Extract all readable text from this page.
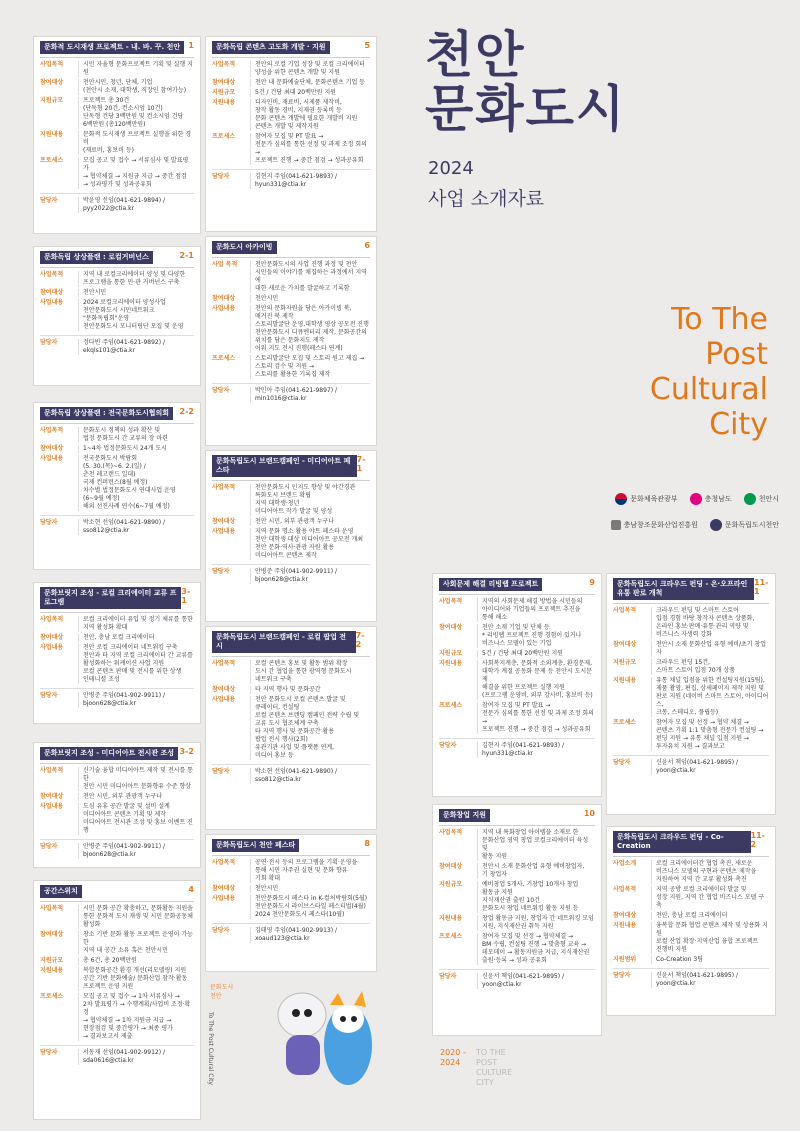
천안
문화도시
2024
사업 소개자료
To The
Post
Cultural
City
문화체육관광부	충청남도	천안시
충남창조문화산업진흥원	문화독립도시천안
문화도시
천안
To The Post Cultural City	2020 -
2024
TO THE
POST
CULTURE
CITY
문화적 도시재생 프로젝트 - 내. 바. 꾸. 천안	1
사업목적	시민 자율형 문화프로젝트 기획 및 실행 지원
참여대상	천안시민, 청년, 단체, 기업
(천안시 소재, 대학생, 직장인 참여가능)
지원규모	프로젝트 총 30건
(단독형 20건, 컨소시엄 10건)
단독형 건당 3백만원 및 컨소시엄 건당
6백만원 (총120백만원)
지원내용	문화적 도시재생 프로젝트 실행을 위한 경비
(재료비, 홍보비 등)
프로세스	모집 공고 및 접수 → 서류심사 및 발표평가
→ 협약체결 → 지원금 지급 → 중간 점검
→ 성과평가 및 성과공유회
담당자	박윤영 선임(041-621-9894) /
pyy2022@ctia.kr
문화독립 상상플랜 : 로컬거버넌스	2-1
사업목적	지역 내 로컬크리에이터 양성 및 다양한
프로그램을 통한 민·관 거버넌스 구축
참여대상	천안시민
사업내용	2024 로컬크리에이터 양성사업
천안문화도시 시민네트워크
"문화독립회"운영
천안문화도시 모니터링단 모집 및 운영
담당자	정다빈 주임(041-621-9892) /
ekqls101@ctia.kr
문화독립 상상플랜 : 전국문화도시협의회	2-2
사업목적	문화도시 정책의 성과 확산 및
법정 문화도시 간 교류의 장 마련
참여대상	1~4차 법정문화도시 24개 도시
사업내용	전국문화도시 박람회
(5. 30.(목)~6. 2.(일) /
춘천 레고랜드 일대)
국제 컨퍼런스(8월 예정)
차수별 법정문화도시 연대사업 운영
(6~9월 예정)
해외 선진사례 연수(6~7월 예정)
담당자	박소현 선임(041-621-9890) /
sso812@ctia.kr
문화브릿지 조성 - 로컬 크리에이터 교류 프로그램
3-1
사업목적	로컬 크리에이터 유입 및 정기 체류를 통한
지역 활성화 확대
참여대상	천안, 충남 로컬 크리에이터
사업내용	천안 로컬 크리에이터 네트워킹 구축
천안과 타 지역 로컬 크리에이터 간 교류를
활성화하는 워케이션 사업 지원
로컬 콘텐츠 판매 및 전시를 위한 상생
인테니셜 조성
담당자	안병준 주임(041-902-9911) /
bjoon628@ctia.kr
문화브릿지 조성 - 미디어아트 전시관 조성 3-2
사업목적	신기술 융합 미디어아트 제작 및 전시를 통한
천안 시민 미디어아트 문화향유 수준 향상
참여대상	천안 시민, 외부 관광객 누구나
사업내용	도심 유휴 공간 발굴 및 설비 설계
미디어아트 콘텐츠 기획 및 제작
미디어아트 전시관 조성 및 홍보 이벤트 진행
담당자	안병준 주임(041-902-9911) /
bjoon628@ctia.kr
공간스위치	4
사업목적	시민 문화 공간 확충하고, 문화활동 지원을
통한 문화적 도시 재생 및 시민 문화공동체
활성화
참여대상	창소 기반 문화 활동 프로젝트 운영이 가능한
지역 내 공간 소유 혹은 천안시민
지원규모	총 6건, 총 20백만원
지원내용	복합문화공간 환경 개선(리모델링) 지원
공간 기반 문화예술/ 문화산업 참작·활동
프로젝트 운영 지원
프로세스	모집 공고 및 접수 → 1차 서류심사 →
2차 발표평가 → 수행계획/사업비 조정·확정
→ 협약체결 → 1차 지원금 지급 →
현장점검 및 중간평가 → 최종 평가
→ 결과보고서 제출
담당자	서동재 선임(041-902-9912) /
sda0616@ctia.kr
문화독립 콘텐츠 고도화 개발 · 지원	5
사업목적	천안의 로컬 기업 성장 및 로컬 크리에이터
양성을 위한 콘텐츠 개발 및 지원
참여대상	천안 내 문화예술단체, 문화콘텐츠 기업 등
지원규모	5건 / 건당 최대 20백만원 지원
지원내용	디자인비, 재료비, 시제품 제작비,
창작 활동 경비, 지재권 등록비 등
문화 콘텐츠 개발에 필요한 개발비 지원
콘텐츠 개발 및 제작지원
프로세스	참여자 모집 및 PT 발표 →
전문가 심의를 통한 선정 및 과제 조정 회의 →
프로젝트 진행 → 중간 점검 → 성과공유회
담당자	김현지 주임(041-621-9893) /
hyun331@ctia.kr
문화도시 아카이빙	6
사업 목적	천안문화도시의 사업 진행 과정 및 천안
시민들의 이야기를 채집하는 과정에서 지역에
대한 새로운 가치를 발굴하고 기록함
참여대상	천안시민
사업내용	천안의 문화자원을 담은 아카이빙 북,
매거진 북 제작
스토리발굴단 운영,대학생 영상 공모전 진행
천안문화도시 디큐멘터리 제작, 문화공간의
위치를 담은 문화지도 제작
어워 지도 전시 진행(페스타 연계)
프로세스	스토리발굴단 모집 및 스토리 원고 제집 →
스토리 검수 및 지원 →
스토리를 활용한 기록집 제작
담당자	박민아 주임(041-621-9897) /
min1016@ctia.kr
문화독립도시 브랜드캠페인 - 미디어아트 페스타
7-1
사업목적	천안문화도시 인지도 향상 및 야간경관
특화도시 브랜드 확립
지역 대학생·청년
미디어아트 작가 발굴 및 양성
참여대상	천안 시민, 외부 관광객 누구나
사업내용	지역 문화 명소 활용 야트 페스타 운영
천안 대학생 대상 미디어아트 공모전 개최
천안 문화·역사·관광 자원 활용
미디어아트 콘텐츠 제작
담당자	안병준 주임(041-902-9911) /
bjoon628@ctia.kr
문화독립도시 브랜드캠페인 - 로컬 팝업 전시
7-2
사업목적	로컬 콘텐츠 홍보 및 활동 범위 확장
도시 간 협업을 통한 광역형 문화도시
네트워크 구축
참여대상	타 지역 행사 및 문화공간
사업내용	천안 문화도시 로컬 콘텐츠 발굴 및
큐레이터, 컨설팅
로컬 콘텐츠 브랜딩 캠페인 전략 수립 및
교류 도시 협조체계 구축
타 지역 행사 및 문화공간 활용
팝업 전시 행사(2회)
유관기관 사업 및 플랫폼 연계,
미디어 홍보 등
담당자	박소현 선임(041-621-9890) /
sso812@ctia.kr
문화독립도시 천안 페스타	8
사업목적	공연·전시 등의 프로그램을 기획·운영을
통해 시민 자주권 실현 및 문화 향유
기회 확대
참여대상	천안시민
사업내용	천안문화도시 페스타 in K-컬처박람회(5월)
천안문화도시 라이브스타일 페스티벌(4월)
2024 천안문화도시 페스타(10월)
담당자	김태영 주임(041-902-9913) /
xoaud123@ctia.kr
사회문제 해결 리빙랩 프로젝트	9
사업목적	지역의 사회문제 해결 방법을 시민들의
아이디어와 기업들의 프로젝트 추진을
통해 해소
참여대상	천안 소재 기업 및 단체 등
* 리빙랩 프로젝트 진행 경험이 있거나
비즈니스 모델이 있는 기업
지원규모	5건 / 건당 최대 20백만원 지원
지원내용	사회복지계층, 문화적 소외계층, 환경문제,
대학가 계절 공동화 문제 등 천안시 도시문제
해결을 위한 프로젝트 실행 지원
(프로그램 운영비, 외부 강사비, 홍보비 등)
프로세스	참여자 모집 및 PT 발표 →
전문가 심의를 통한 선정 및 과제 조정 회의 →
프로젝트 진행 → 중간 점검 → 성과공유회
담당자	김현지 주임(041-621-9893) /
hyun331@ctia.kr
문화창업 지원	10
사업목적	지역 내 특화창업 아이템을 소재로 한
문화산업 영역 창업 로컬크리에이터 육성 및
활동 지원
참여대상	천안시 소재 문화산업 유형 예비창업자,
기 창업자
지원규모	예비창업 5개사, 기창업 10개사 창업
활동금 지원
지식재산권 출원 10건
문화도시 창업 네트워킹 활동 지원 등
지원내용	창업 활동금 지원, 창업자 간 네트워킹 모임
지원, 지식재산권 취득 지원
프로세스	참여자 모집 및 선정 → 협약체결 →
BM 수립, 컨설팅 진행 → 맞춤형 교육 →
데모데이 → 활동지원금 지급, 지식재산권
출원·등록 → 성과 공유회
담당자	신윤서 책임(041-621-9895) /
yoon@ctia.kr
문화독립도시 크라우드 펀딩 - 온·오프라인 유통 판로 개척
11-1
사업목적	크라우드 펀딩 및 스마트 스토어
입점 경험 바탕 창작자 콘텐츠 상품화,
온라인 홍보·판매·유통·관리 역량 및
비즈니스 자생력 강화
참여대상	천안시 소재 문화산업 유형 예비/초기 창업자
지원규모	크라우드 펀딩 15건,
스마트 스토어 입점 70개 상품
지원내용	유통 채널 입점을 위한 컨설팅지원(15팀),
제품 촬영, 편집, 상세페이지 제작 지원 및
판로 지원 (네이버 스마트 스토어, 아이디어스,
크몽, 스테디오, 플립등)
프로세스	참여자 모집 및 선정 → 협약 체결 →
콘텐츠 기획 1:1 맞춤형 전문가 컨설팅 →
펀딩 지원 → 유통 채널 입점 지원 →
투자유치 지원 → 결과보고
담당자	신윤서 책임(041-621-9895) /
yoon@ctia.kr
문화독립도시 크라우드 펀딩 - Co-Creation
11-2
사업소개	로컬 크리에이터간 협업 촉진, 새로운
비즈니스 모델의 구현과 콘텐츠 제작을
지원하여 지역 간 교류 활성화 촉진
사업목적	지역 공방 로컬 크리에이터 발굴 및
성장 지원, 지역 간 협업 비즈니스 모델 구축
참여대상	천안, 충남 로컬 크리에이터
지원내용	융복합 문화 협업 콘텐츠 제작 및 상용화 지원
로컬 산업 확장·지역산업 융합 프로젝트
진행비 지원
지원범위	Co-Creation 3팀
담당자	신윤서 책임(041-621-9895) /
yoon@ctia.kr
